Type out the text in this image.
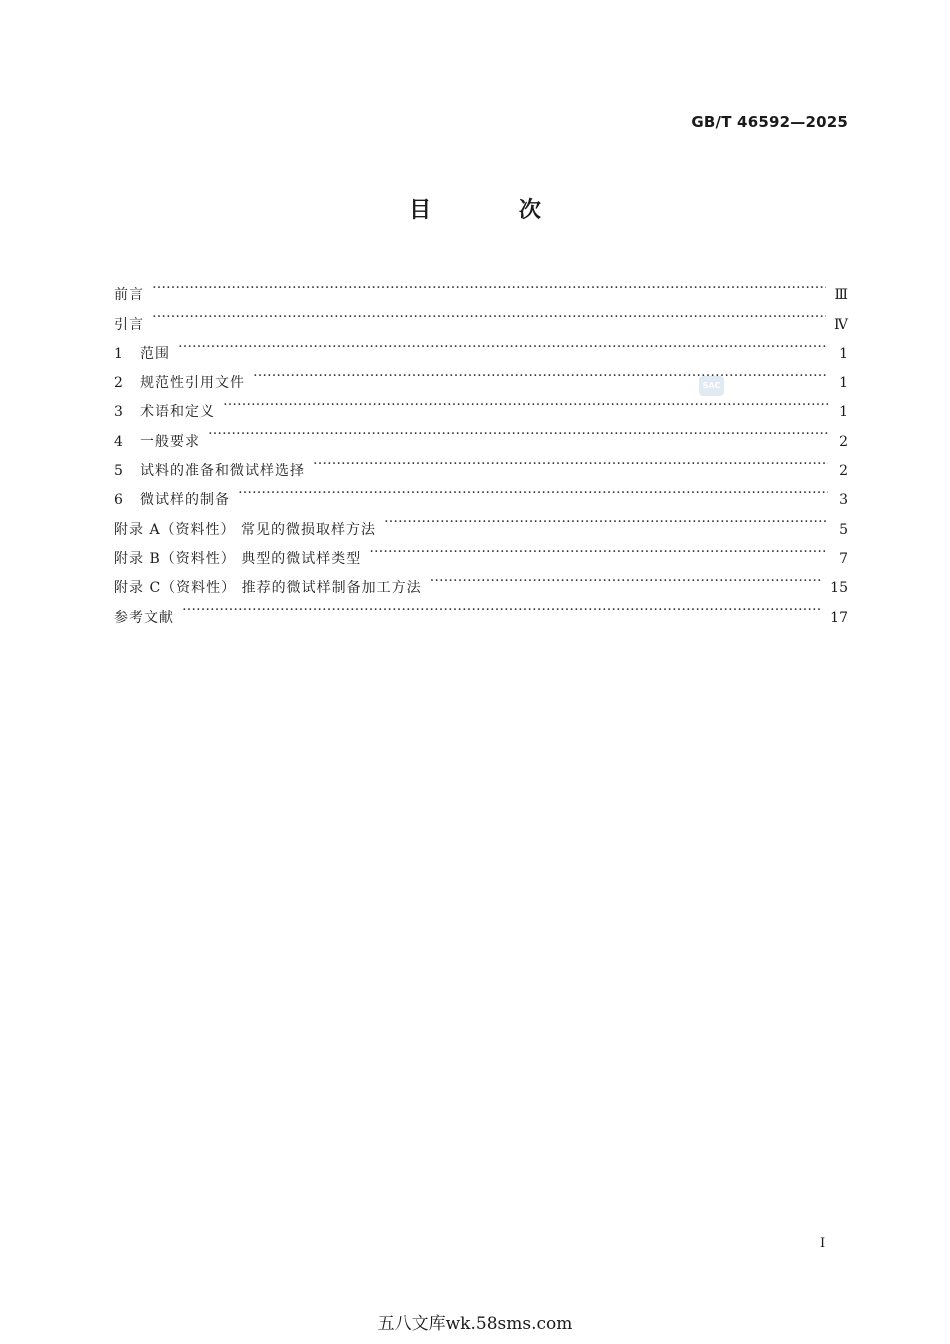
GB/T 46592—2025
目 次
SAC
前言 ……………………………………………………………………………………………………………………………………………………………………………………………	Ⅲ
引言 ……………………………………………………………………………………………………………………………………………………………………………………………	Ⅳ
1 范围 ……………………………………………………………………………………………………………………………………………………………………………………………	1
2 规范性引用文件 ……………………………………………………………………………………………………………………………………………………………………………………………	1
3 术语和定义 ……………………………………………………………………………………………………………………………………………………………………………………………	1
4 一般要求 ……………………………………………………………………………………………………………………………………………………………………………………………	2
5 试料的准备和微试样选择 ……………………………………………………………………………………………………………………………………………………………………………………………	2
6 微试样的制备 ……………………………………………………………………………………………………………………………………………………………………………………………	3
附录 A（资料性） 常见的微损取样方法 ……………………………………………………………………………………………………………………………………………………………………………………………	5
附录 B（资料性） 典型的微试样类型 ……………………………………………………………………………………………………………………………………………………………………………………………	7
附录 C（资料性） 推荐的微试样制备加工方法 ……………………………………………………………………………………………………………………………………………………………………………………………	15
参考文献 ……………………………………………………………………………………………………………………………………………………………………………………………	17
Ⅰ
五八文库wk.58sms.com
